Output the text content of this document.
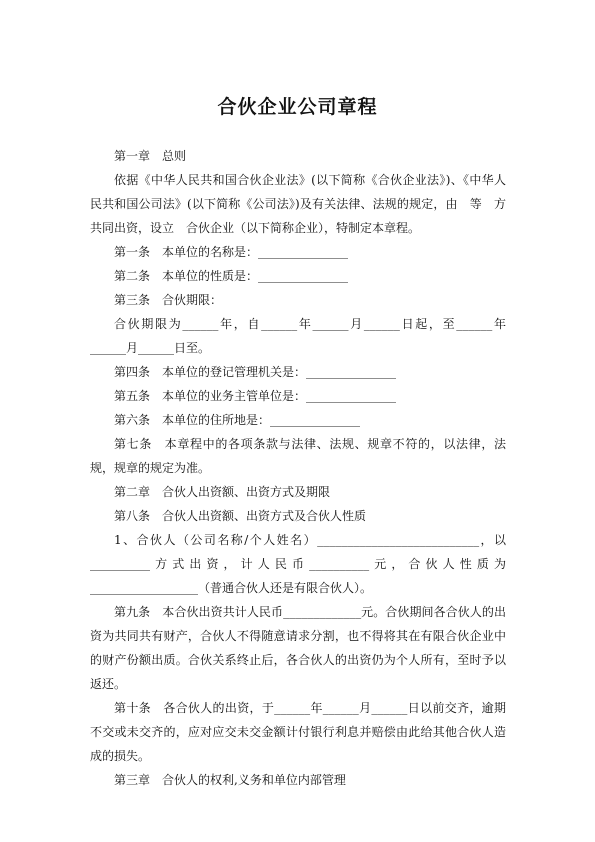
合伙企业公司章程

第一章　总则

依据《中华人民共和国合伙企业法》(以下简称《合伙企业法》)、《中华人民共和国公司法》(以下简称《公司法》)及有关法律、法规的规定，由　等　方共同出资，设立　合伙企业（以下简称企业），特制定本章程。

第一条　本单位的名称是：_______________

第二条　本单位的性质是：_______________

第三条　合伙期限：

合伙期限为______年，自______年______月______日起，至______年______月______日至。

第四条　本单位的登记管理机关是：_______________

第五条　本单位的业务主管单位是：_______________

第六条　本单位的住所地是：_______________

第七条　本章程中的各项条款与法律、法规、规章不符的，以法律，法规，规章的规定为准。

第二章　合伙人出资额、出资方式及期限

第八条　合伙人出资额、出资方式及合伙人性质

1、合伙人（公司名称/个人姓名）___________________________，以__________方式出资，计人民币__________元，合伙人性质为__________________（普通合伙人还是有限合伙人）。

第九条　本合伙出资共计人民币_____________元。合伙期间各合伙人的出资为共同共有财产，合伙人不得随意请求分割，也不得将其在有限合伙企业中的财产份额出质。合伙关系终止后，各合伙人的出资仍为个人所有，至时予以返还。

第十条　各合伙人的出资，于______年______月______日以前交齐，逾期不交或未交齐的，应对应交未交金额计付银行利息并赔偿由此给其他合伙人造成的损失。

第三章　合伙人的权利,义务和单位内部管理
